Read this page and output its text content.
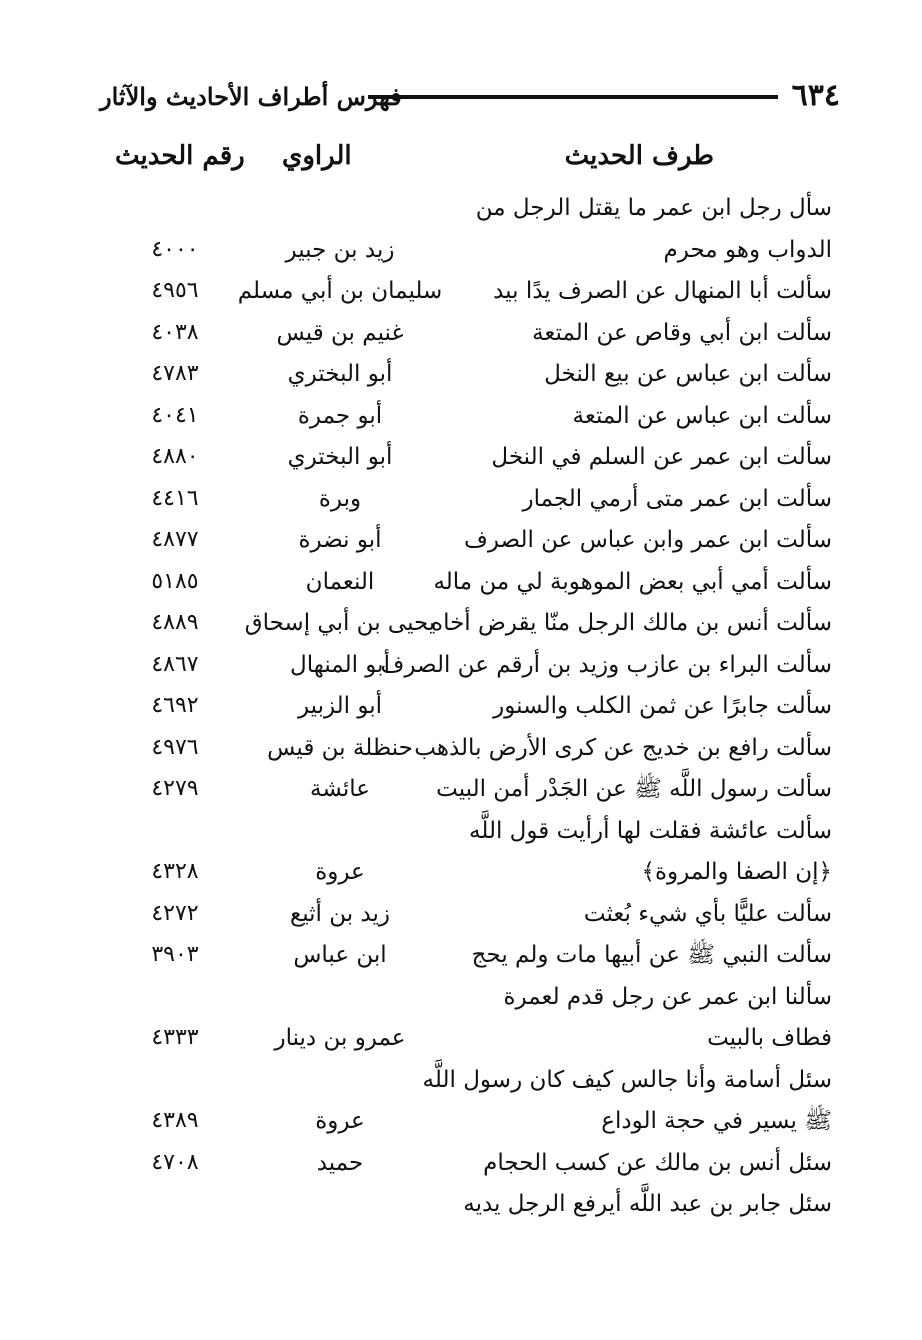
٦٣٤
فهرس أطراف الأحاديث والآثار
طرف الحديث
الراوي
رقم الحديث
سأل رجل ابن عمر ما يقتل الرجل من
الدواب وهو محرم
زيد بن جبير
٤٠٠٠
سألت أبا المنهال عن الصرف يدًا بيد
سليمان بن أبي مسلم
٤٩٥٦
سألت ابن أبي وقاص عن المتعة
غنيم بن قيس
٤٠٣٨
سألت ابن عباس عن بيع النخل
أبو البختري
٤٧٨٣
سألت ابن عباس عن المتعة
أبو جمرة
٤٠٤١
سألت ابن عمر عن السلم في النخل
أبو البختري
٤٨٨٠
سألت ابن عمر متى أرمي الجمار
وبرة
٤٤١٦
سألت ابن عمر وابن عباس عن الصرف
أبو نضرة
٤٨٧٧
سألت أمي أبي بعض الموهوبة لي من ماله
النعمان
٥١٨٥
سألت أنس بن مالك الرجل منّا يقرض أخاه
يحيى بن أبي إسحاق
٤٨٨٩
سألت البراء بن عازب وزيد بن أرقم عن الصرف
أبو المنهال
٤٨٦٧
سألت جابرًا عن ثمن الكلب والسنور
أبو الزبير
٤٦٩٢
سألت رافع بن خديج عن كرى الأرض بالذهب
حنظلة بن قيس
٤٩٧٦
سألت رسول اللَّه ﷺ عن الجَدْر أمن البيت
عائشة
٤٢٧٩
سألت عائشة فقلت لها أرأيت قول اللَّه
﴿إن الصفا والمروة﴾
عروة
٤٣٢٨
سألت عليًّا بأي شيء بُعثت
زيد بن أثيع
٤٢٧٢
سألت النبي ﷺ عن أبيها مات ولم يحج
ابن عباس
٣٩٠٣
سألنا ابن عمر عن رجل قدم لعمرة
فطاف بالبيت
عمرو بن دينار
٤٣٣٣
سئل أسامة وأنا جالس كيف كان رسول اللَّه
ﷺ يسير في حجة الوداع
عروة
٤٣٨٩
سئل أنس بن مالك عن كسب الحجام
حميد
٤٧٠٨
سئل جابر بن عبد اللَّه أيرفع الرجل يديه
